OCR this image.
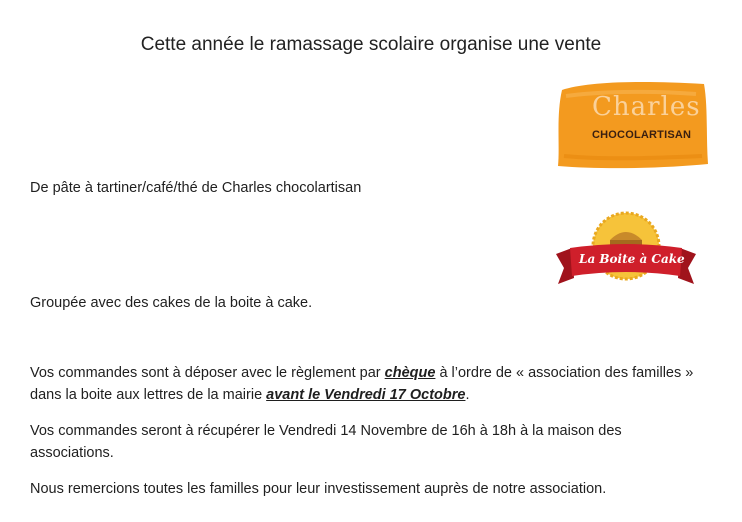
Cette année le ramassage scolaire organise une vente
Charles
CHOCOLARTISAN
De pâte à tartiner/café/thé de Charles chocolartisan
La Boite à Cake
Groupée avec des cakes de la boite à cake.
Vos commandes sont à déposer avec le règlement par chèque à l’ordre de « association des familles »
dans la boite aux lettres de la mairie avant le Vendredi 17 Octobre.
Vos commandes seront à récupérer le Vendredi 14 Novembre de 16h à 18h à la maison des
associations.
Nous remercions toutes les familles pour leur investissement auprès de notre association.
